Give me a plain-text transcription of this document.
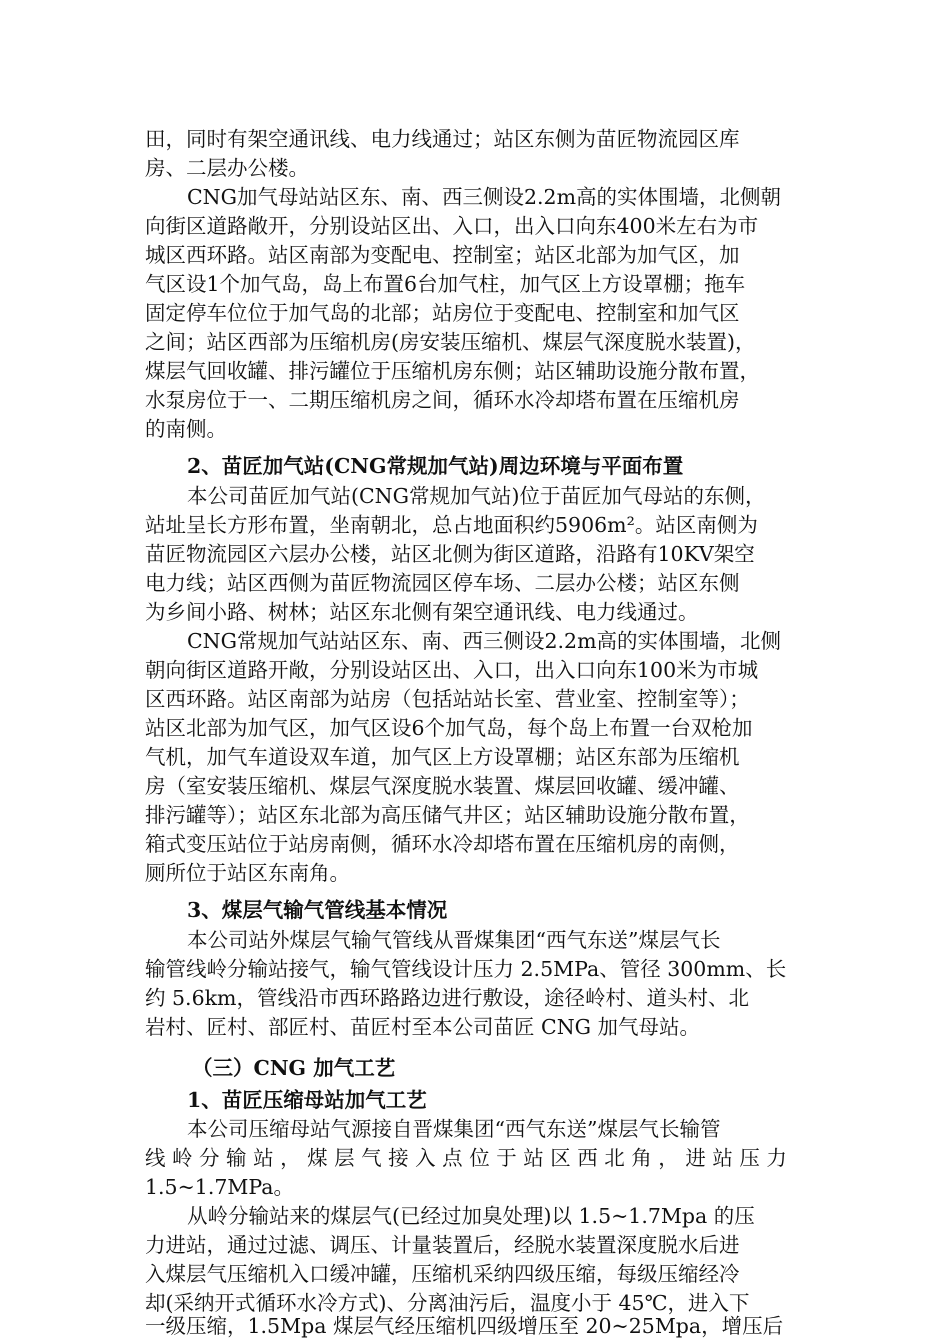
田，同时有架空通讯线、电力线通过；站区东侧为苗匠物流园区库
房、二层办公楼。
CNG加气母站站区东、南、西三侧设2.2m高的实体围墙，北侧朝
向街区道路敞开，分别设站区出、入口，出入口向东400米左右为市
城区西环路。站区南部为变配电、控制室；站区北部为加气区，加
气区设1个加气岛，岛上布置6台加气柱，加气区上方设罩棚；拖车
固定停车位位于加气岛的北部；站房位于变配电、控制室和加气区
之间；站区西部为压缩机房(房安装压缩机、煤层气深度脱水装置)，
煤层气回收罐、排污罐位于压缩机房东侧；站区辅助设施分散布置，
水泵房位于一、二期压缩机房之间，循环水冷却塔布置在压缩机房
的南侧。
2、苗匠加气站(CNG常规加气站)周边环境与平面布置
本公司苗匠加气站(CNG常规加气站)位于苗匠加气母站的东侧，
站址呈长方形布置，坐南朝北，总占地面积约5906m²。站区南侧为
苗匠物流园区六层办公楼，站区北侧为街区道路，沿路有10KV架空
电力线；站区西侧为苗匠物流园区停车场、二层办公楼；站区东侧
为乡间小路、树林；站区东北侧有架空通讯线、电力线通过。
CNG常规加气站站区东、南、西三侧设2.2m高的实体围墙，北侧
朝向街区道路开敞，分别设站区出、入口，出入口向东100米为市城
区西环路。站区南部为站房（包括站站长室、营业室、控制室等）；
站区北部为加气区，加气区设6个加气岛，每个岛上布置一台双枪加
气机，加气车道设双车道，加气区上方设罩棚；站区东部为压缩机
房（室安装压缩机、煤层气深度脱水装置、煤层回收罐、缓冲罐、
排污罐等）；站区东北部为高压储气井区；站区辅助设施分散布置，
箱式变压站位于站房南侧，循环水冷却塔布置在压缩机房的南侧，
厕所位于站区东南角。
3、煤层气输气管线基本情况
本公司站外煤层气输气管线从晋煤集团“西气东送”煤层气长
输管线岭分输站接气，输气管线设计压力 2.5MPa、管径 300mm、长
约 5.6km，管线沿市西环路路边进行敷设，途径岭村、道头村、北
岩村、匠村、部匠村、苗匠村至本公司苗匠 CNG 加气母站。
（三）CNG 加气工艺
1、苗匠压缩母站加气工艺
本公司压缩母站气源接自晋煤集团“西气东送”煤层气长输管
线 岭 分 输 站 ， 煤 层 气 接 入 点 位 于 站 区 西 北 角 ， 进 站 压 力
1.5~1.7MPa。
从岭分输站来的煤层气(已经过加臭处理)以 1.5~1.7Mpa 的压
力进站，通过过滤、调压、计量装置后，经脱水装置深度脱水后进
入煤层气压缩机入口缓冲罐，压缩机采纳四级压缩，每级压缩经冷
却(采纳开式循环水冷方式)、分离油污后，温度小于 45℃，进入下
一级压缩，1.5Mpa 煤层气经压缩机四级增压至 20~25Mpa，增压后
